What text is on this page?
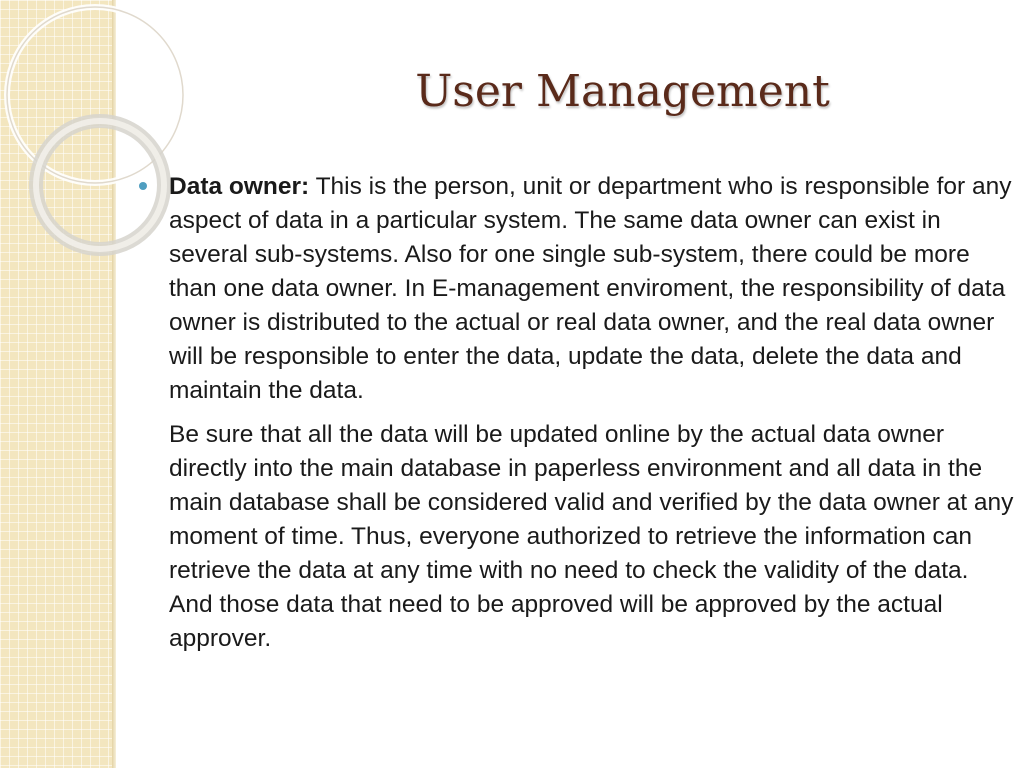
User Management

Data owner: This is the person, unit or department who is responsible for any aspect of data in a particular system. The same data owner can exist in several sub-systems. Also for one single sub-system, there could be more than one data owner. In E-management enviroment, the responsibility of data owner is distributed to the actual or real data owner, and the real data owner will be responsible to enter the data, update the data, delete the data and maintain the data.

Be sure that all the data will be updated online by the actual data owner directly into the main database in paperless environment and all data in the main database shall be considered valid and verified by the data owner at any moment of time. Thus, everyone authorized to retrieve the information can retrieve the data at any time with no need to check the validity of the data. And those data that need to be approved will be approved by the actual approver.
